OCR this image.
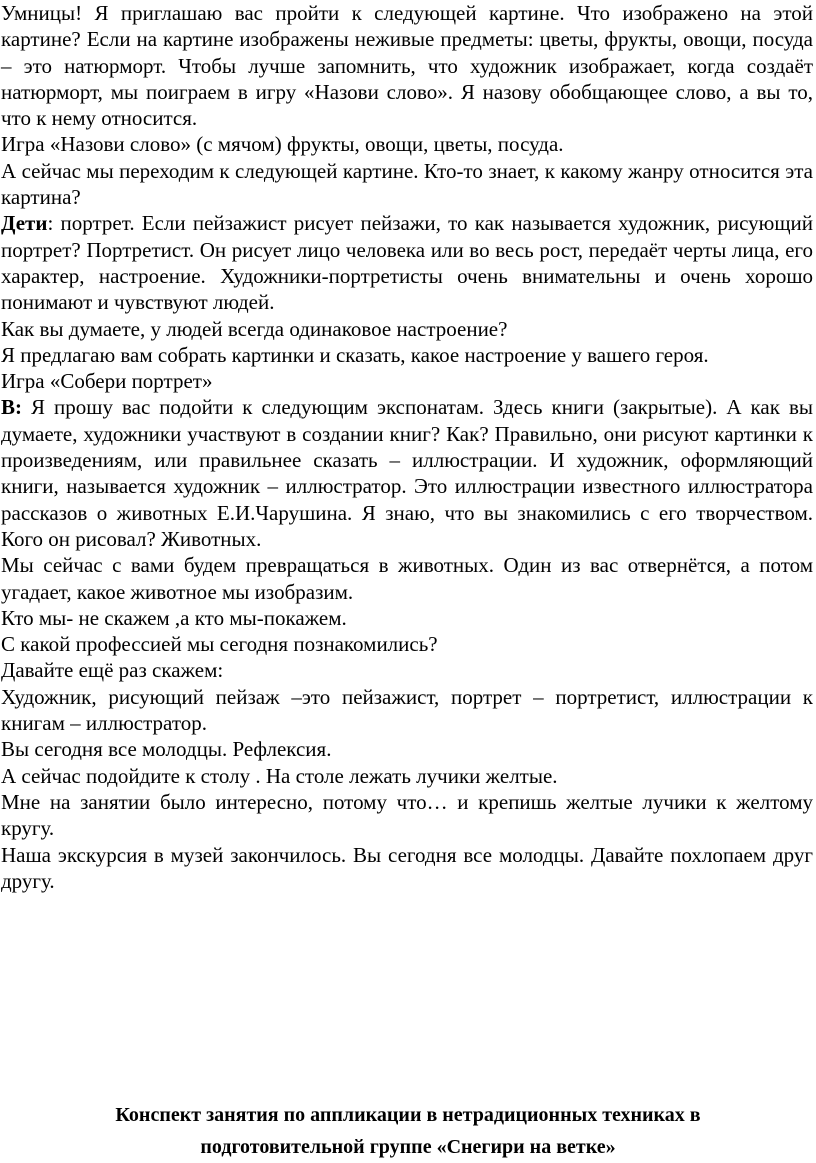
Умницы! Я приглашаю вас пройти к следующей картине. Что изображено на этой картине? Если на картине изображены неживые предметы: цветы, фрукты, овощи, посуда – это натюрморт. Чтобы лучше запомнить, что художник изображает, когда создаёт натюрморт, мы поиграем в игру «Назови слово». Я назову обобщающее слово, а вы то, что к нему относится.

Игра «Назови слово» (с мячом) фрукты, овощи, цветы, посуда.

А сейчас мы переходим к следующей картине. Кто-то знает, к какому жанру относится эта картина?

Дети: портрет. Если пейзажист рисует пейзажи, то как называется художник, рисующий портрет? Портретист. Он рисует лицо человека или во весь рост, передаёт черты лица, его характер, настроение. Художники-портретисты очень внимательны и очень хорошо понимают и чувствуют людей.

Как вы думаете, у людей всегда одинаковое настроение?

Я предлагаю вам собрать картинки и сказать, какое настроение у вашего героя.

Игра «Собери портрет»

В: Я прошу вас подойти к следующим экспонатам. Здесь книги (закрытые). А как вы думаете, художники участвуют в создании книг? Как? Правильно, они рисуют картинки к произведениям, или правильнее сказать – иллюстрации. И художник, оформляющий книги, называется художник – иллюстратор. Это иллюстрации известного иллюстратора рассказов о животных Е.И.Чарушина. Я знаю, что вы знакомились с его творчеством. Кого он рисовал? Животных.

Мы сейчас с вами будем превращаться в животных. Один из вас отвернётся, а потом угадает, какое животное мы изобразим.

Кто мы- не скажем ,а кто мы-покажем.

С какой профессией мы сегодня познакомились?

Давайте ещё раз скажем:

Художник, рисующий пейзаж –это пейзажист, портрет – портретист, иллюстрации к книгам – иллюстратор.

Вы сегодня все молодцы. Рефлексия.

А сейчас подойдите к столу . На столе лежать лучики желтые.

Мне на занятии было интересно, потому что… и крепишь желтые лучики к желтому кругу.

Наша экскурсия в музей закончилось. Вы сегодня все молодцы. Давайте похлопаем друг другу.

Конспект занятия по аппликации в нетрадиционных техниках в
подготовительной группе «Снегири на ветке»
